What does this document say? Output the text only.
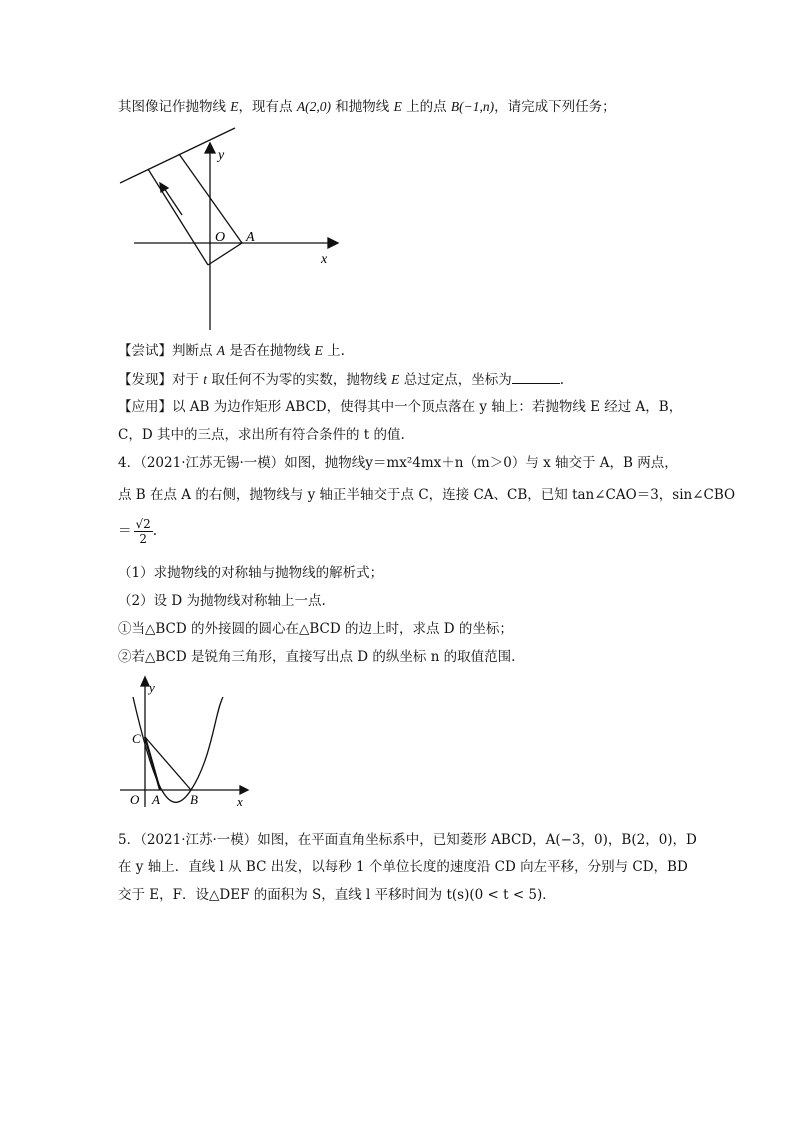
其图像记作抛物线 E，现有点 A(2,0) 和抛物线 E 上的点 B(−1,n)，请完成下列任务；
y
O A
x
【尝试】判断点 A 是否在抛物线 E 上.
【发现】对于 t 取任何不为零的实数，抛物线 E 总过定点，坐标为	.
【应用】以 AB 为边作矩形 ABCD，使得其中一个顶点落在 y 轴上：若抛物线 E 经过 A，B，
C，D 其中的三点，求出所有符合条件的 t 的值.
4．（2021·江苏无锡·一模）如图，抛物线y＝mx²4mx＋n（m＞0）与 x 轴交于 A，B 两点，
点 B 在点 A 的右侧，抛物线与 y 轴正半轴交于点 C，连接 CA、CB，已知 tan∠CAO＝3，sin∠CBO
＝ $\frac{√2}{2}$ .
（1）求抛物线的对称轴与抛物线的解析式；
（2）设 D 为抛物线对称轴上一点.
①当△BCD 的外接圆的圆心在△BCD 的边上时，求点 D 的坐标；
②若△BCD 是锐角三角形，直接写出点 D 的纵坐标 n 的取值范围.
y
C
O A B	x
5．（2021·江苏·一模）如图，在平面直角坐标系中，已知菱形 ABCD，A(−3，0)，B(2，0)，D
在 y 轴上．直线 l 从 BC 出发，以每秒 1 个单位长度的速度沿 CD 向左平移，分别与 CD，BD
交于 E，F．设△DEF 的面积为 S，直线 l 平移时间为 t(s)(0 < t < 5)．
